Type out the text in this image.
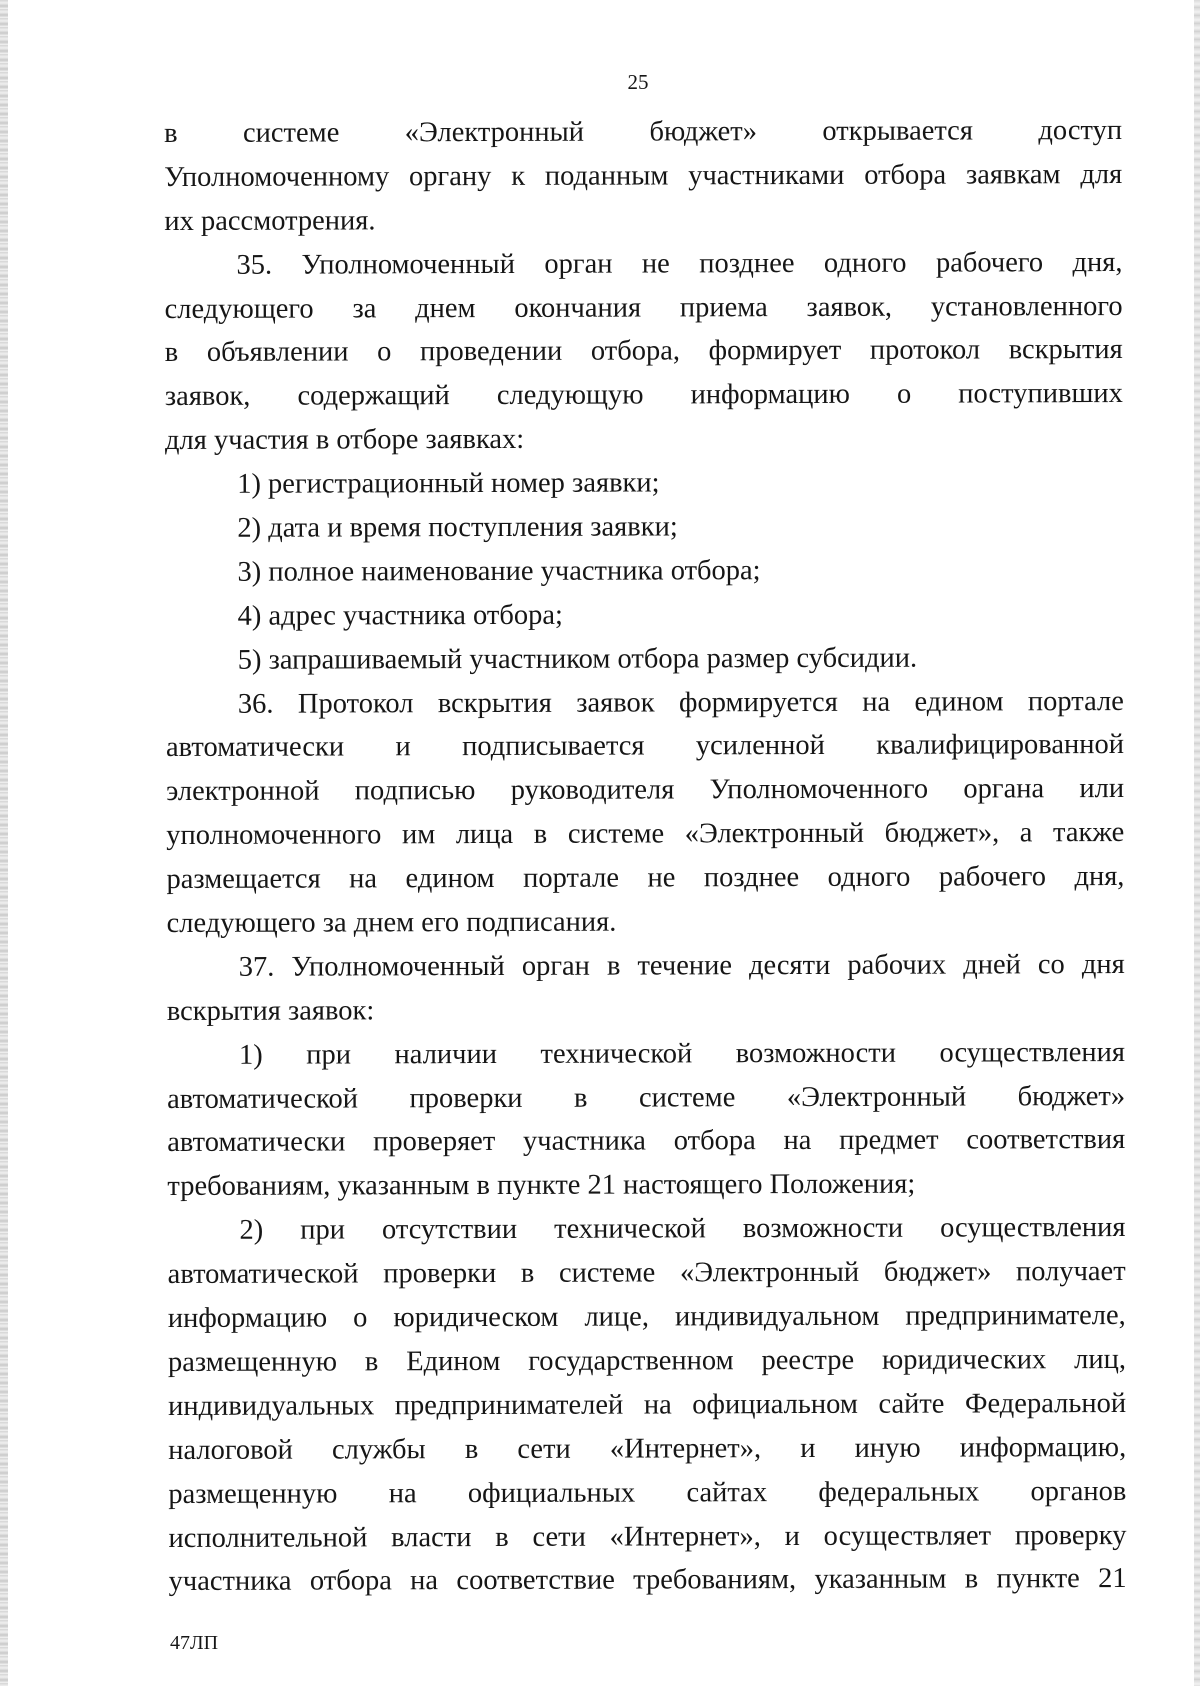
25
в системе «Электронный бюджет» открывается доступ
Уполномоченному органу к поданным участниками отбора заявкам для
их рассмотрения.
35. Уполномоченный орган не позднее одного рабочего дня,
следующего за днем окончания приема заявок, установленного
в объявлении о проведении отбора, формирует протокол вскрытия
заявок, содержащий следующую информацию о поступивших
для участия в отборе заявках:
1) регистрационный номер заявки;
2) дата и время поступления заявки;
3) полное наименование участника отбора;
4) адрес участника отбора;
5) запрашиваемый участником отбора размер субсидии.
36. Протокол вскрытия заявок формируется на едином портале
автоматически и подписывается усиленной квалифицированной
электронной подписью руководителя Уполномоченного органа или
уполномоченного им лица в системе «Электронный бюджет», а также
размещается на едином портале не позднее одного рабочего дня,
следующего за днем его подписания.
37. Уполномоченный орган в течение десяти рабочих дней со дня
вскрытия заявок:
1) при наличии технической возможности осуществления
автоматической проверки в системе «Электронный бюджет»
автоматически проверяет участника отбора на предмет соответствия
требованиям, указанным в пункте 21 настоящего Положения;
2) при отсутствии технической возможности осуществления
автоматической проверки в системе «Электронный бюджет» получает
информацию о юридическом лице, индивидуальном предпринимателе,
размещенную в Едином государственном реестре юридических лиц,
индивидуальных предпринимателей на официальном сайте Федеральной
налоговой службы в сети «Интернет», и иную информацию,
размещенную на официальных сайтах федеральных органов
исполнительной власти в сети «Интернет», и осуществляет проверку
участника отбора на соответствие требованиям, указанным в пункте 21
47ЛП
